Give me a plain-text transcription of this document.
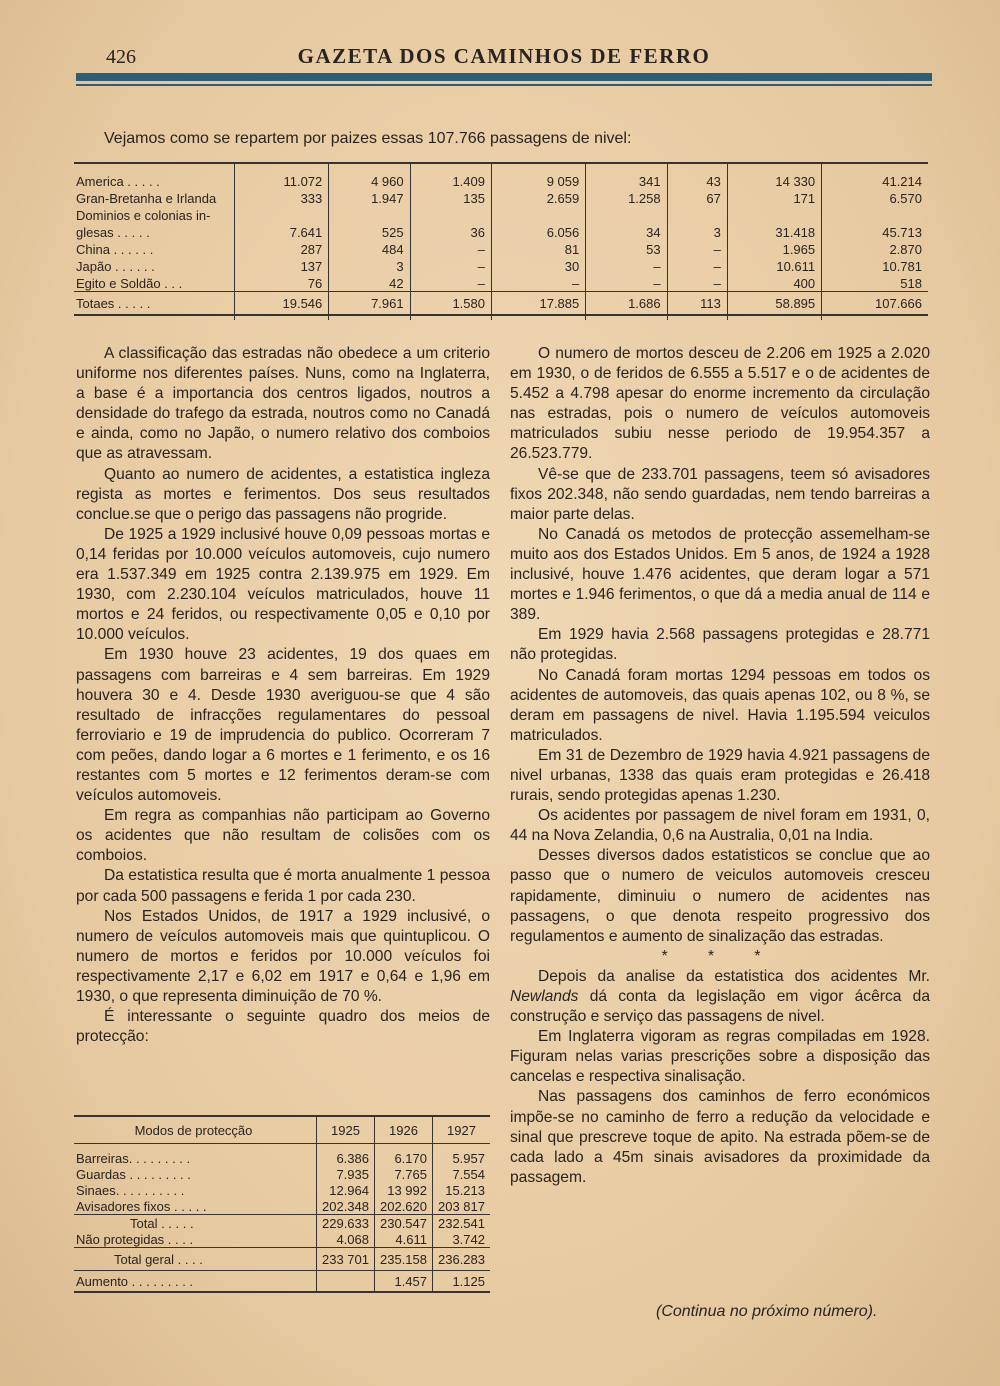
426	GAZETA DOS CAMINHOS DE FERRO
Vejamos como se repartem por paizes essas 107.766 passagens de nivel:

America . . . . .	11.072	4 960	1.409	9 059	341	43	14 330	41.214
Gran-Bretanha e Irlanda	333	1.947	135	2.659	1.258	67	171	6.570
Dominios e colonias in-								
glesas . . . . .	7.641	525	36	6.056	34	3	31.418	45.713
China . . . . . .	287	484	–	81	53	–	1.965	2.870
Japão . . . . . .	137	3	–	30	–	–	10.611	10.781
Egito e Soldão . . .	76	42	–	–	–	–	400	518
Totaes . . . . .	19.546	7.961	1.580	17.885	1.686	113	58.895	107.666

A classificação das estradas não obedece a um criterio uniforme nos diferentes países. Nuns, como na Inglaterra, a base é a importancia dos centros ligados, noutros a densidade do trafego da estrada, noutros como no Canadá e ainda, como no Japão, o numero relativo dos comboios que as atravessam.

Quanto ao numero de acidentes, a estatistica ingleza regista as mortes e ferimentos. Dos seus resultados conclue.se que o perigo das passagens não progride.

De 1925 a 1929 inclusivé houve 0,09 pessoas mortas e 0,14 feridas por 10.000 veículos automoveis, cujo numero era 1.537.349 em 1925 contra 2.139.975 em 1929. Em 1930, com 2.230.104 veículos matriculados, houve 11 mortos e 24 feridos, ou respectivamente 0,05 e 0,10 por 10.000 veículos.

Em 1930 houve 23 acidentes, 19 dos quaes em passagens com barreiras e 4 sem barreiras. Em 1929 houvera 30 e 4. Desde 1930 averiguou-se que 4 são resultado de infracções regulamentares do pessoal ferroviario e 19 de imprudencia do publico. Ocorreram 7 com peões, dando logar a 6 mortes e 1 ferimento, e os 16 restantes com 5 mortes e 12 ferimentos deram-se com veículos automoveis.

Em regra as companhias não participam ao Governo os acidentes que não resultam de colisões com os comboios.

Da estatistica resulta que é morta anualmente 1 pessoa por cada 500 passagens e ferida 1 por cada 230.

Nos Estados Unidos, de 1917 a 1929 inclusivé, o numero de veículos automoveis mais que quintuplicou. O numero de mortos e feridos por 10.000 veículos foi respectivamente 2,17 e 6,02 em 1917 e 0,64 e 1,96 em 1930, o que representa diminuição de 70 %.

É interessante o seguinte quadro dos meios de protecção:

Modos de protecção	1925	1926	1927

Barreiras. . . . . . . . .	6.386	6.170	5.957
Guardas . . . . . . . . .	7.935	7.765	7.554
Sinaes. . . . . . . . . .	12.964	13 992	15.213
Avisadores fixos . . . . .	202.348	202.620	203 817
Total . . . . .	229.633	230.547	232.541
Não protegidas . . . .	4.068	4.611	3.742
Total geral . . . .	233 701	235.158	236.283
Aumento . . . . . . . . .		1.457	1.125

O numero de mortos desceu de 2.206 em 1925 a 2.020 em 1930, o de feridos de 6.555 a 5.517 e o de acidentes de 5.452 a 4.798 apesar do enorme incremento da circulação nas estradas, pois o numero de veículos automoveis matriculados subiu nesse periodo de 19.954.357 a 26.523.779.

Vê-se que de 233.701 passagens, teem só avisadores fixos 202.348, não sendo guardadas, nem tendo barreiras a maior parte delas.

No Canadá os metodos de protecção assemelham-se muito aos dos Estados Unidos. Em 5 anos, de 1924 a 1928 inclusivé, houve 1.476 acidentes, que deram logar a 571 mortes e 1.946 ferimentos, o que dá a media anual de 114 e 389.

Em 1929 havia 2.568 passagens protegidas e 28.771 não protegidas.

No Canadá foram mortas 1294 pessoas em todos os acidentes de automoveis, das quais apenas 102, ou 8 %, se deram em passagens de nivel. Havia 1.195.594 veiculos matriculados.

Em 31 de Dezembro de 1929 havia 4.921 passagens de nivel urbanas, 1338 das quais eram protegidas e 26.418 rurais, sendo protegidas apenas 1.230.

Os acidentes por passagem de nivel foram em 1931, 0, 44 na Nova Zelandia, 0,6 na Australia, 0,01 na India.

Desses diversos dados estatisticos se conclue que ao passo que o numero de veiculos automoveis cresceu rapidamente, diminuiu o numero de acidentes nas passagens, o que denota respeito progressivo dos regulamentos e aumento de sinalização das estradas.

* * *

Depois da analise da estatistica dos acidentes Mr. Newlands dá conta da legislação em vigor ácêrca da construção e serviço das passagens de nivel.

Em Inglaterra vigoram as regras compiladas em 1928. Figuram nelas varias prescrições sobre a disposição das cancelas e respectiva sinalisação.

Nas passagens dos caminhos de ferro económicos impõe-se no caminho de ferro a redução da velocidade e sinal que prescreve toque de apito. Na estrada põem-se de cada lado a 45m sinais avisadores da proximidade da passagem.

(Continua no próximo número).
